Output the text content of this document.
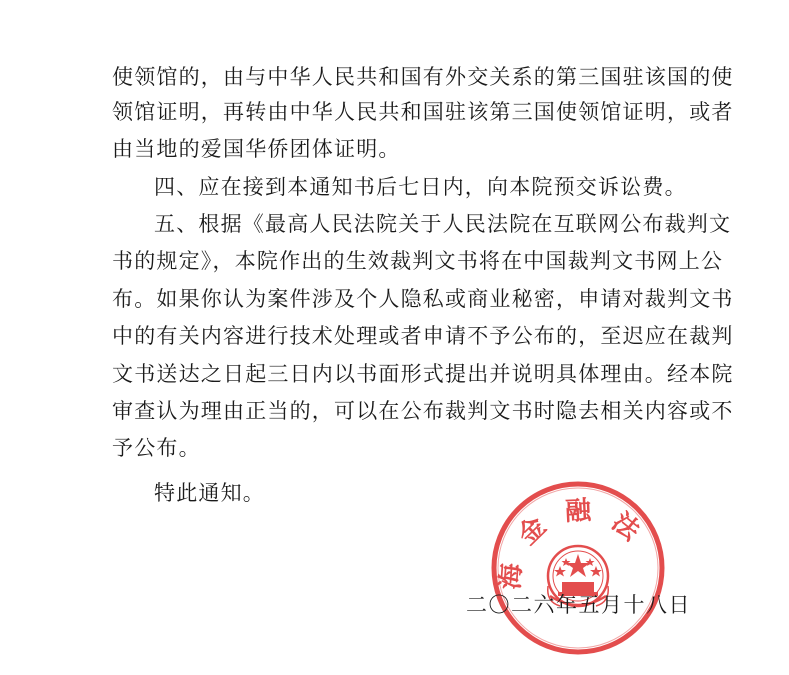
使领馆的，由与中华人民共和国有外交关系的第三国驻该国的使
领馆证明，再转由中华人民共和国驻该第三国使领馆证明，或者
由当地的爱国华侨团体证明。
四、应在接到本通知书后七日内，向本院预交诉讼费。
五、根据《最高人民法院关于人民法院在互联网公布裁判文
书的规定》，本院作出的生效裁判文书将在中国裁判文书网上公
布。如果你认为案件涉及个人隐私或商业秘密，申请对裁判文书
中的有关内容进行技术处理或者申请不予公布的，至迟应在裁判
文书送达之日起三日内以书面形式提出并说明具体理由。经本院
审查认为理由正当的，可以在公布裁判文书时隐去相关内容或不
予公布。
特此通知。
海 金 融 法
二〇二六年五月十八日
